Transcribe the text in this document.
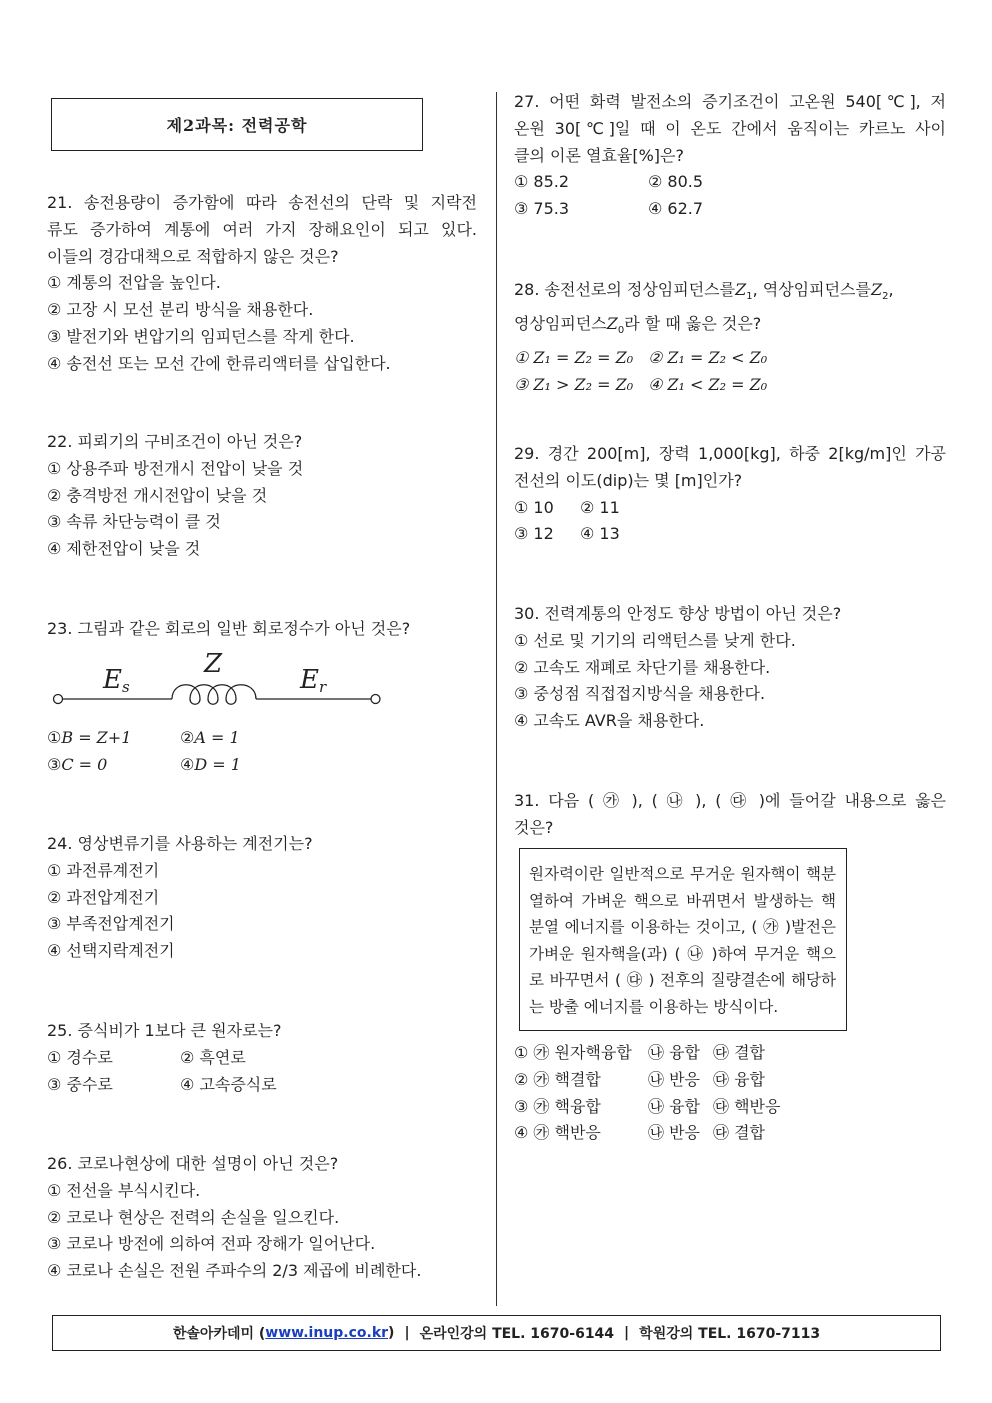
제2과목: 전력공학

21. 송전용량이 증가함에 따라 송전선의 단락 및 지락전

류도 증가하여 계통에 여러 가지 장해요인이 되고 있다.

이들의 경감대책으로 적합하지 않은 것은?

① 계통의 전압을 높인다.

② 고장 시 모선 분리 방식을 채용한다.

③ 발전기와 변압기의 임피던스를 작게 한다.

④ 송전선 또는 모선 간에 한류리액터를 삽입한다.

22. 피뢰기의 구비조건이 아닌 것은?

① 상용주파 방전개시 전압이 낮을 것

② 충격방전 개시전압이 낮을 것

③ 속류 차단능력이 클 것

④ 제한전압이 낮을 것

23. 그림과 같은 회로의 일반 회로정수가 아닌 것은?

Es
Z
Er

①B = Z+1	②A = 1

③C = 0	④D = 1

24. 영상변류기를 사용하는 계전기는?

① 과전류계전기

② 과전압계전기

③ 부족전압계전기

④ 선택지락계전기

25. 증식비가 1보다 큰 원자로는?

① 경수로	② 흑연로

③ 중수로	④ 고속증식로

26. 코로나현상에 대한 설명이 아닌 것은?

① 전선을 부식시킨다.

② 코로나 현상은 전력의 손실을 일으킨다.

③ 코로나 방전에 의하여 전파 장해가 일어난다.

④ 코로나 손실은 전원 주파수의 2/3 제곱에 비례한다.

27. 어떤 화력 발전소의 증기조건이 고온원 540[℃], 저

온원 30[℃]일 때 이 온도 간에서 움직이는 카르노 사이

클의 이론 열효율[%]은?

① 85.2	② 80.5

③ 75.3	④ 62.7

28. 송전선로의 정상임피던스를$Z_1$, 역상임피던스를$Z_2$,

영상임피던스$Z_0$라 할 때 옳은 것은?

① Z₁ = Z₂ = Z₀ ② Z₁ = Z₂ < Z₀

③ Z₁ > Z₂ = Z₀ ④ Z₁ < Z₂ = Z₀

29. 경간 200[m], 장력 1,000[kg], 하중 2[kg/m]인 가공

전선의 이도(dip)는 몇 [m]인가?

① 10 ② 11

③ 12 ④ 13

30. 전력계통의 안정도 향상 방법이 아닌 것은?

① 선로 및 기기의 리액턴스를 낮게 한다.

② 고속도 재폐로 차단기를 채용한다.

③ 중성점 직접접지방식을 채용한다.

④ 고속도 AVR을 채용한다.

31. 다음 ( ㉮ ), ( ㉯ ), ( ㉰ )에 들어갈 내용으로 옳은

것은?

원자력이란 일반적으로 무거운 원자핵이 핵분열하여 가벼운 핵으로 바뀌면서 발생하는 핵분열 에너지를 이용하는 것이고, ( ㉮ )발전은 가벼운 원자핵을(과) ( ㉯ )하여 무거운 핵으로 바꾸면서 ( ㉰ ) 전후의 질량결손에 해당하는 방출 에너지를 이용하는 방식이다.

① ㉮ 원자핵융합 ㉯ 융합 ㉰ 결합

② ㉮ 핵결합	㉯ 반응 ㉰ 융합

③ ㉮ 핵융합	㉯ 융합 ㉰ 핵반응

④ ㉮ 핵반응	㉯ 반응 ㉰ 결합

한솔아카데미 ( www.inup.co.kr ) | 온라인강의 TEL. 1670-6144 | 학원강의 TEL. 1670-7113
